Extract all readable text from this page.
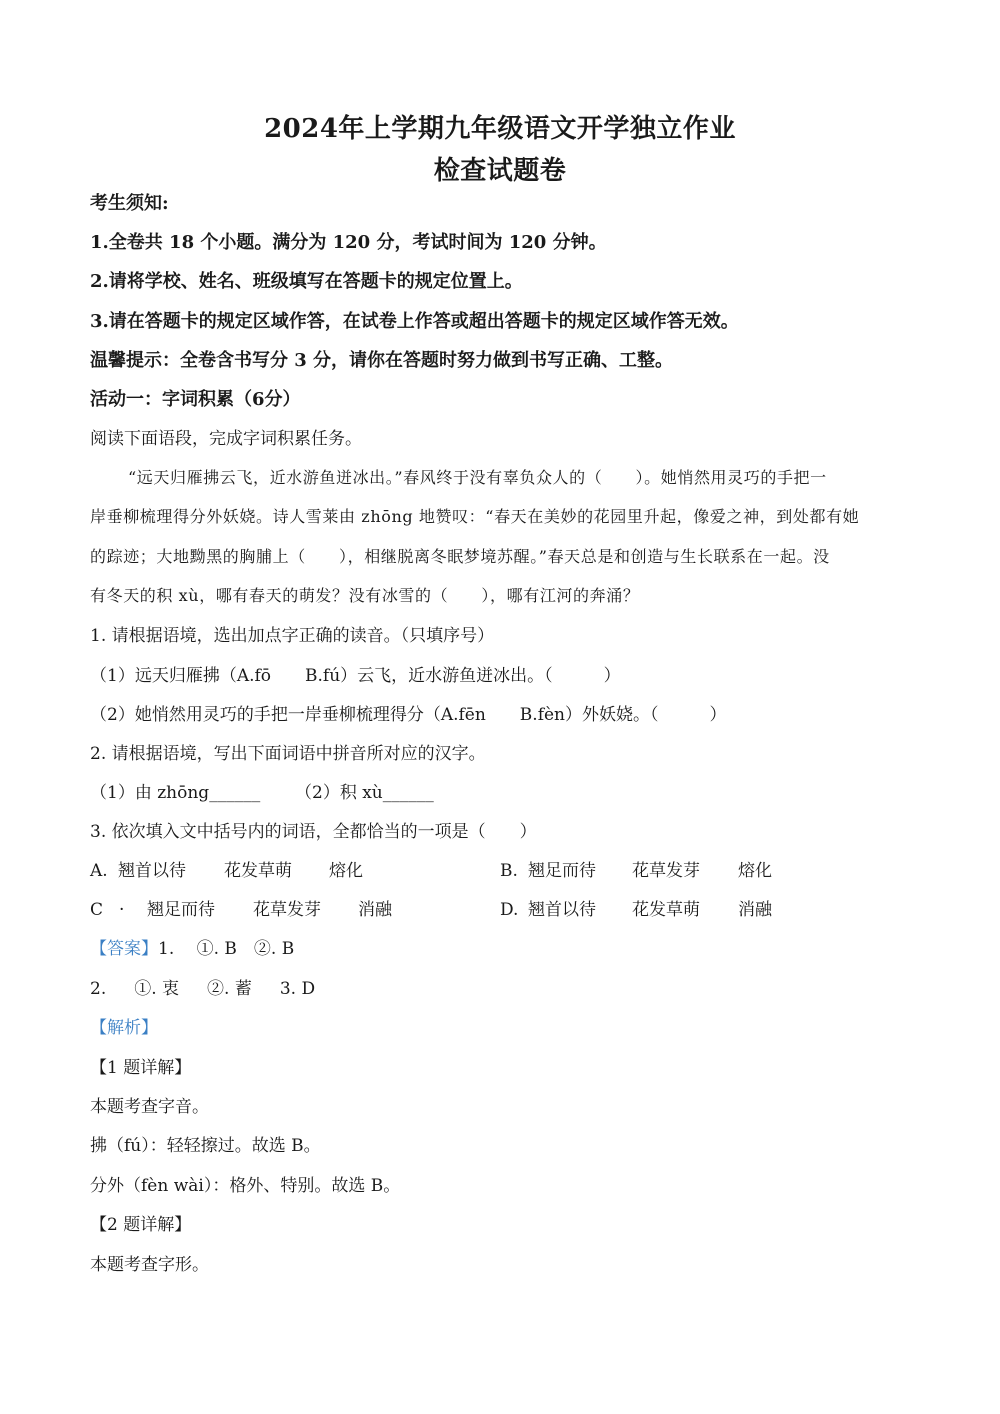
2024年上学期九年级语文开学独立作业
检查试题卷
考生须知:
1.全卷共 18 个小题。满分为 120 分，考试时间为 120 分钟。
2.请将学校、姓名、班级填写在答题卡的规定位置上。
3.请在答题卡的规定区域作答，在试卷上作答或超出答题卡的规定区域作答无效。
温馨提示：全卷含书写分 3 分，请你在答题时努力做到书写正确、工整。
活动一：字词积累（6分）
阅读下面语段，完成字词积累任务。
“远天归雁拂云飞，近水游鱼迸冰出。”春风终于没有辜负众人的（　　）。她悄然用灵巧的手把一
岸垂柳梳理得分外妖娆。诗人雪莱由 zhōng 地赞叹：“春天在美妙的花园里升起，像爱之神，到处都有她
的踪迹；大地黝黑的胸脯上（　　），相继脱离冬眠梦境苏醒。”春天总是和创造与生长联系在一起。没
有冬天的积 xù，哪有春天的萌发？没有冰雪的（　　），哪有江河的奔涌？
1. 请根据语境，选出加点字正确的读音。（只填序号）
（1）远天归雁拂（A.fō　　B.fú）云飞，近水游鱼迸冰出。（　　　）
（2）她悄然用灵巧的手把一岸垂柳梳理得分（A.fēn　　B.fèn）外妖娆。（　　　）
2. 请根据语境，写出下面词语中拼音所对应的汉字。
（1）由 zhōng______ （2）积 xù______
3. 依次填入文中括号内的词语，全都恰当的一项是（　　）
A. 翘首以待 花发草萌 熔化	B. 翘足而待 花草发芽 熔化
C · 翘足而待 花草发芽 消融	D. 翘首以待 花发草萌 消融
【答案】1.　 ①. B　②. B
2. ①. 衷 ②. 蓄 3. D
【解析】
【1 题详解】
本题考查字音。
拂（fú）：轻轻擦过。故选 B。
分外（fèn wài）：格外、特别。故选 B。
【2 题详解】
本题考查字形。
